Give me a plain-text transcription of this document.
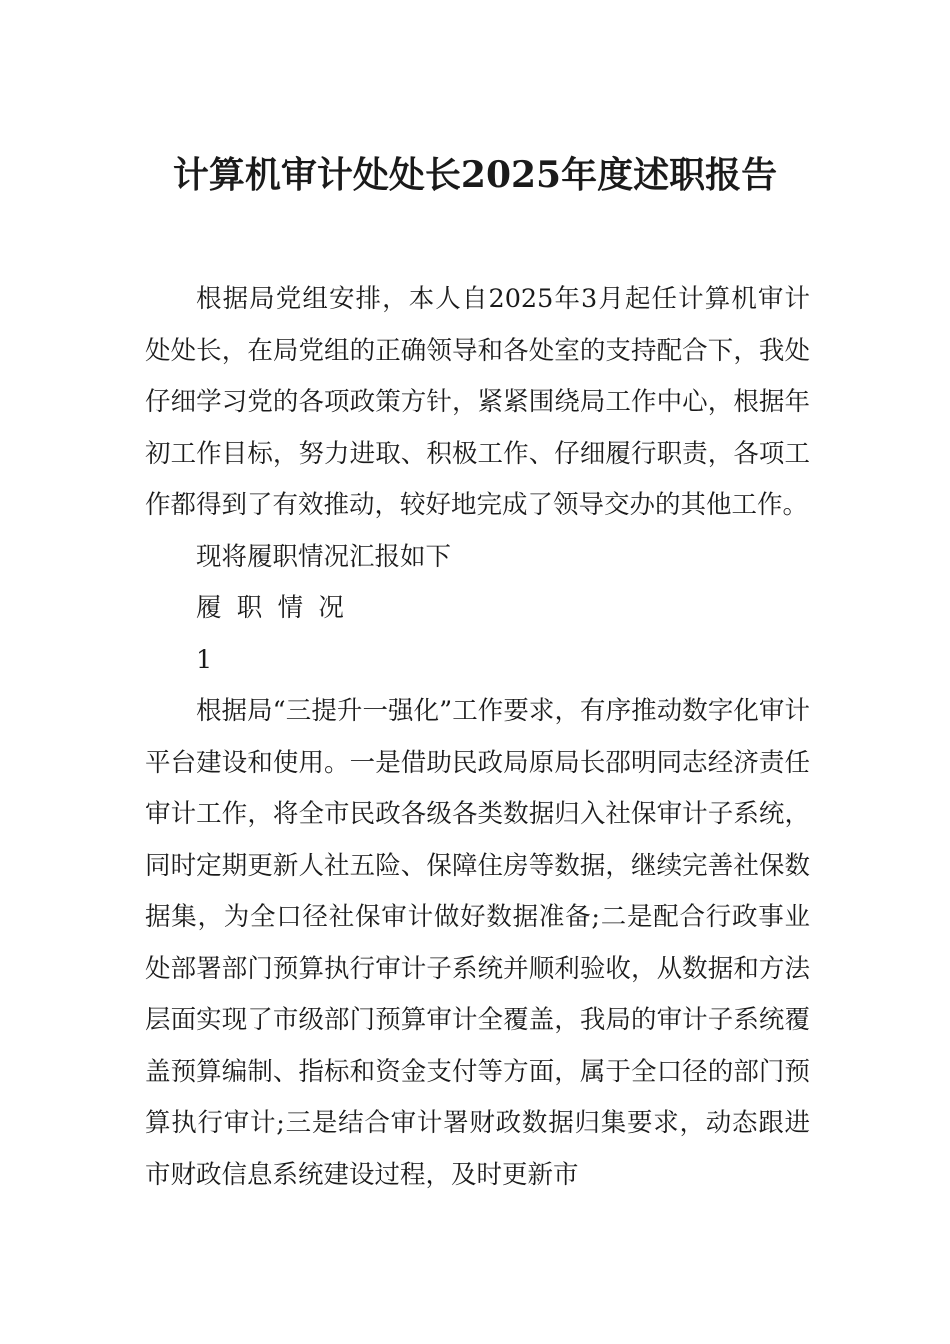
计算机审计处处长2025年度述职报告

根据局党组安排，本人自2025年3月起任计算机审计处处长，在局党组的正确领导和各处室的支持配合下，我处仔细学习党的各项政策方针，紧紧围绕局工作中心，根据年初工作目标，努力进取、积极工作、仔细履行职责，各项工作都得到了有效推动，较好地完成了领导交办的其他工作。

现将履职情况汇报如下

履职情况

1

根据局“三提升一强化”工作要求，有序推动数字化审计平台建设和使用。一是借助民政局原局长邵明同志经济责任审计工作，将全市民政各级各类数据归入社保审计子系统，同时定期更新人社五险、保障住房等数据，继续完善社保数据集，为全口径社保审计做好数据准备;二是配合行政事业处部署部门预算执行审计子系统并顺利验收，从数据和方法层面实现了市级部门预算审计全覆盖，我局的审计子系统覆盖预算编制、指标和资金支付等方面，属于全口径的部门预算执行审计;三是结合审计署财政数据归集要求，动态跟进市财政信息系统建设过程，及时更新市
